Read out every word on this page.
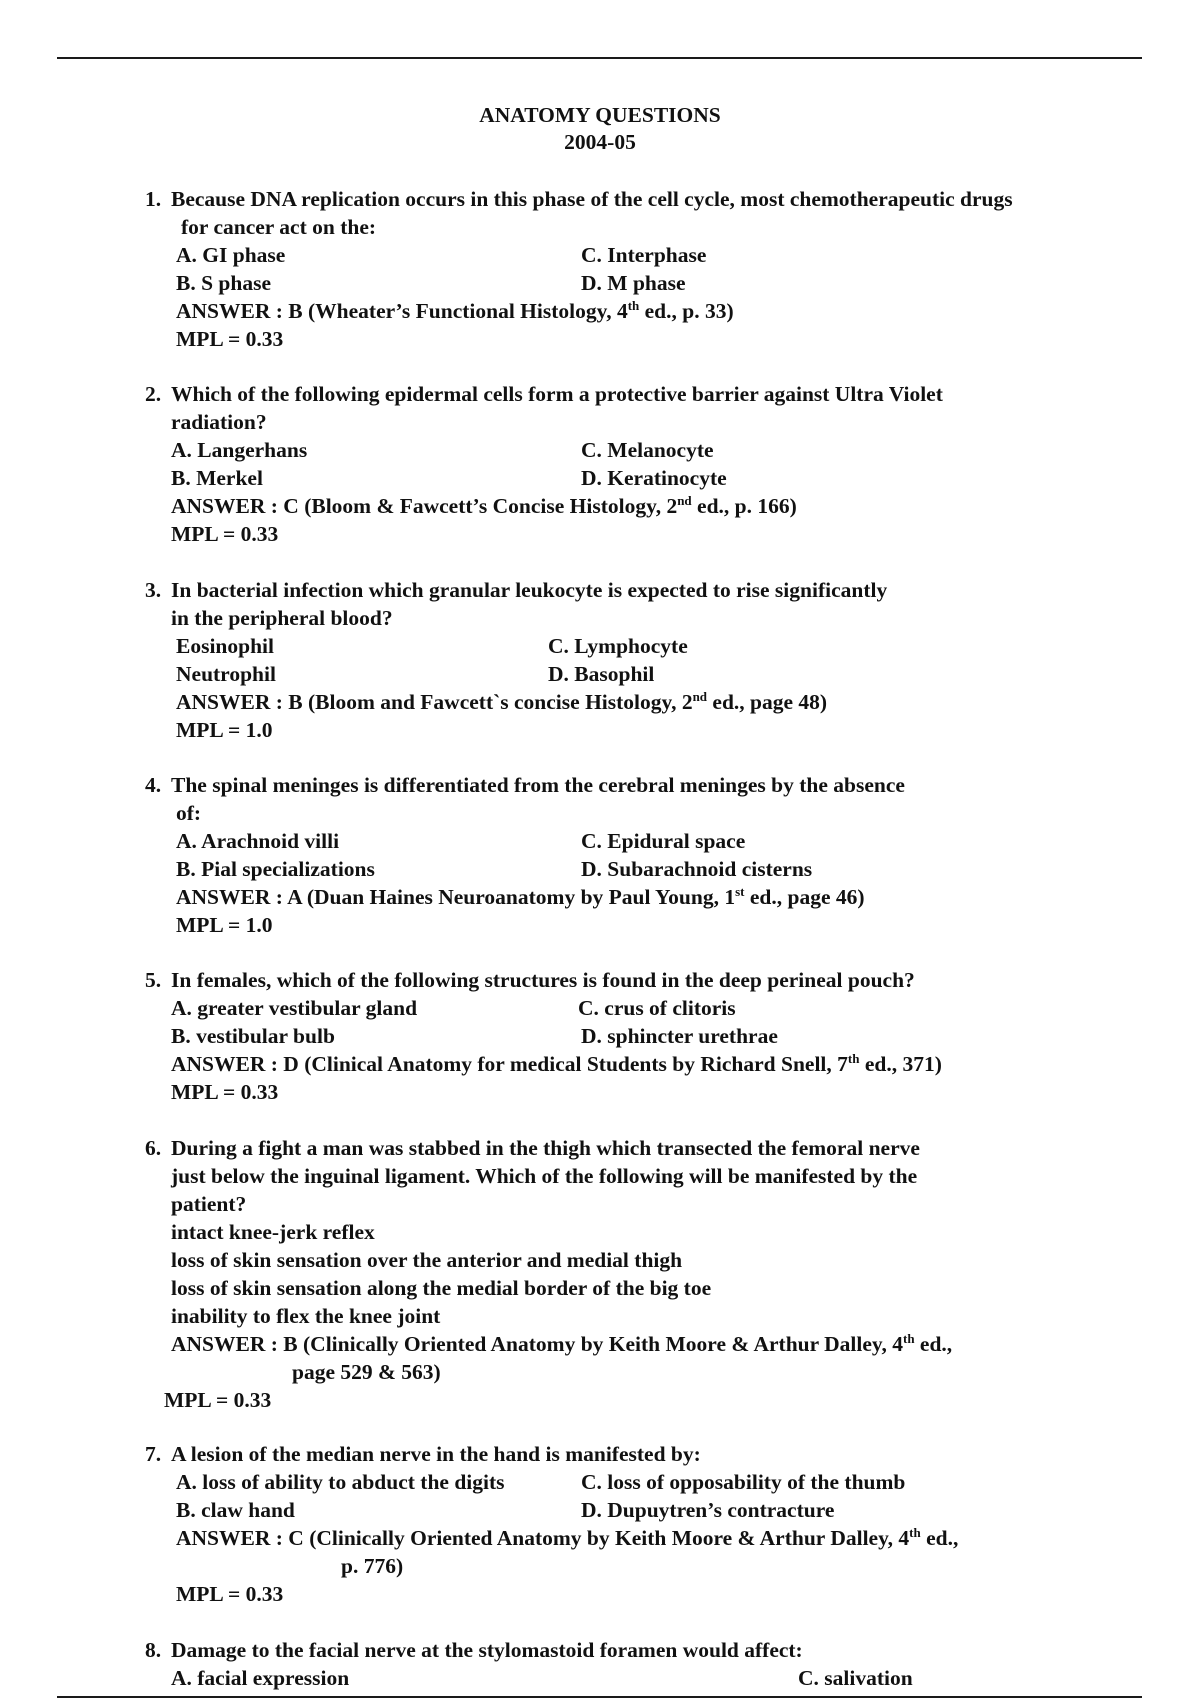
ANATOMY QUESTIONS
2004-05
1. Because DNA replication occurs in this phase of the cell cycle, most chemotherapeutic drugs
for cancer act on the:
A. GI phase	C. Interphase
B. S phase	D. M phase
ANSWER : B (Wheater’s Functional Histology, 4th ed., p. 33)
MPL = 0.33
2. Which of the following epidermal cells form a protective barrier against Ultra Violet
radiation?
A. Langerhans	C. Melanocyte
B. Merkel	D. Keratinocyte
ANSWER : C (Bloom & Fawcett’s Concise Histology, 2nd ed., p. 166)
MPL = 0.33
3. In bacterial infection which granular leukocyte is expected to rise significantly
in the peripheral blood?
Eosinophil	C. Lymphocyte
Neutrophil	D. Basophil
ANSWER : B (Bloom and Fawcett`s concise Histology, 2nd ed., page 48)
MPL = 1.0
4. The spinal meninges is differentiated from the cerebral meninges by the absence
of:
A. Arachnoid villi	C. Epidural space
B. Pial specializations	D. Subarachnoid cisterns
ANSWER : A (Duan Haines Neuroanatomy by Paul Young, 1st ed., page 46)
MPL = 1.0
5. In females, which of the following structures is found in the deep perineal pouch?
A. greater vestibular gland	C. crus of clitoris
B. vestibular bulb	D. sphincter urethrae
ANSWER : D (Clinical Anatomy for medical Students by Richard Snell, 7th ed., 371)
MPL = 0.33
6. During a fight a man was stabbed in the thigh which transected the femoral nerve
just below the inguinal ligament. Which of the following will be manifested by the
patient?
intact knee-jerk reflex
loss of skin sensation over the anterior and medial thigh
loss of skin sensation along the medial border of the big toe
inability to flex the knee joint
ANSWER : B (Clinically Oriented Anatomy by Keith Moore & Arthur Dalley, 4th ed.,
page 529 & 563)
MPL = 0.33
7. A lesion of the median nerve in the hand is manifested by:
A. loss of ability to abduct the digits	C. loss of opposability of the thumb
B. claw hand	D. Dupuytren’s contracture
ANSWER : C (Clinically Oriented Anatomy by Keith Moore & Arthur Dalley, 4th ed.,
p. 776)
MPL = 0.33
8. Damage to the facial nerve at the stylomastoid foramen would affect:
A. facial expression	C. salivation
